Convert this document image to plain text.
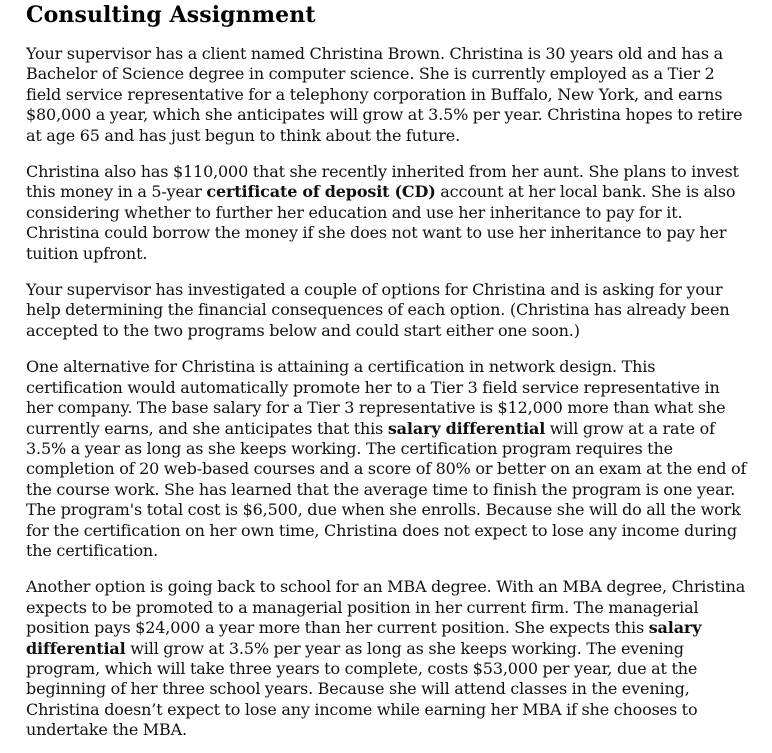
Consulting Assignment

Your supervisor has a client named Christina Brown. Christina is 30 years old and has a Bachelor of Science degree in computer science. She is currently employed as a Tier 2 field service representative for a telephony corporation in Buffalo, New York, and earns $80,000 a year, which she anticipates will grow at 3.5% per year. Christina hopes to retire at age 65 and has just begun to think about the future.

Christina also has $110,000 that she recently inherited from her aunt. She plans to invest this money in a 5-year certificate of deposit (CD) account at her local bank. She is also considering whether to further her education and use her inheritance to pay for it. Christina could borrow the money if she does not want to use her inheritance to pay her tuition upfront.

Your supervisor has investigated a couple of options for Christina and is asking for your help determining the financial consequences of each option. (Christina has already been accepted to the two programs below and could start either one soon.)

One alternative for Christina is attaining a certification in network design. This certification would automatically promote her to a Tier 3 field service representative in her company. The base salary for a Tier 3 representative is $12,000 more than what she currently earns, and she anticipates that this salary differential will grow at a rate of 3.5% a year as long as she keeps working. The certification program requires the completion of 20 web-based courses and a score of 80% or better on an exam at the end of the course work. She has learned that the average time to finish the program is one year. The program's total cost is $6,500, due when she enrolls. Because she will do all the work for the certification on her own time, Christina does not expect to lose any income during the certification.

Another option is going back to school for an MBA degree. With an MBA degree, Christina expects to be promoted to a managerial position in her current firm. The managerial position pays $24,000 a year more than her current position. She expects this salary differential will grow at 3.5% per year as long as she keeps working. The evening program, which will take three years to complete, costs $53,000 per year, due at the beginning of her three school years. Because she will attend classes in the evening, Christina doesn’t expect to lose any income while earning her MBA if she chooses to undertake the MBA.
